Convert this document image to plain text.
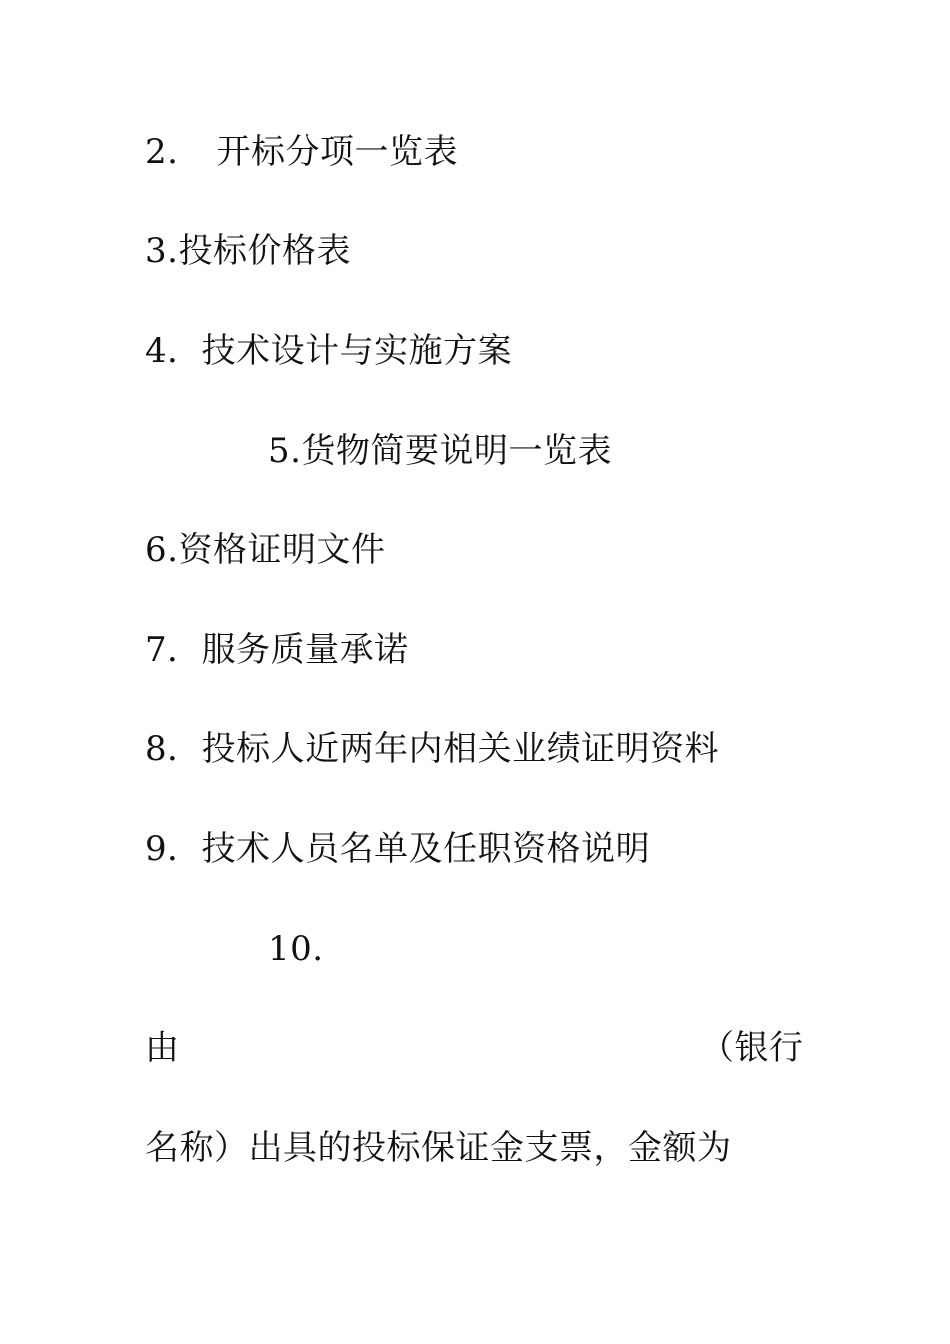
2. 开标分项一览表
3.投标价格表
4．技术设计与实施方案
5.货物简要说明一览表
6.资格证明文件
7．服务质量承诺
8．投标人近两年内相关业绩证明资料
9．技术人员名单及任职资格说明
10.
由	（银行
名称）出具的投标保证金支票，金额为
